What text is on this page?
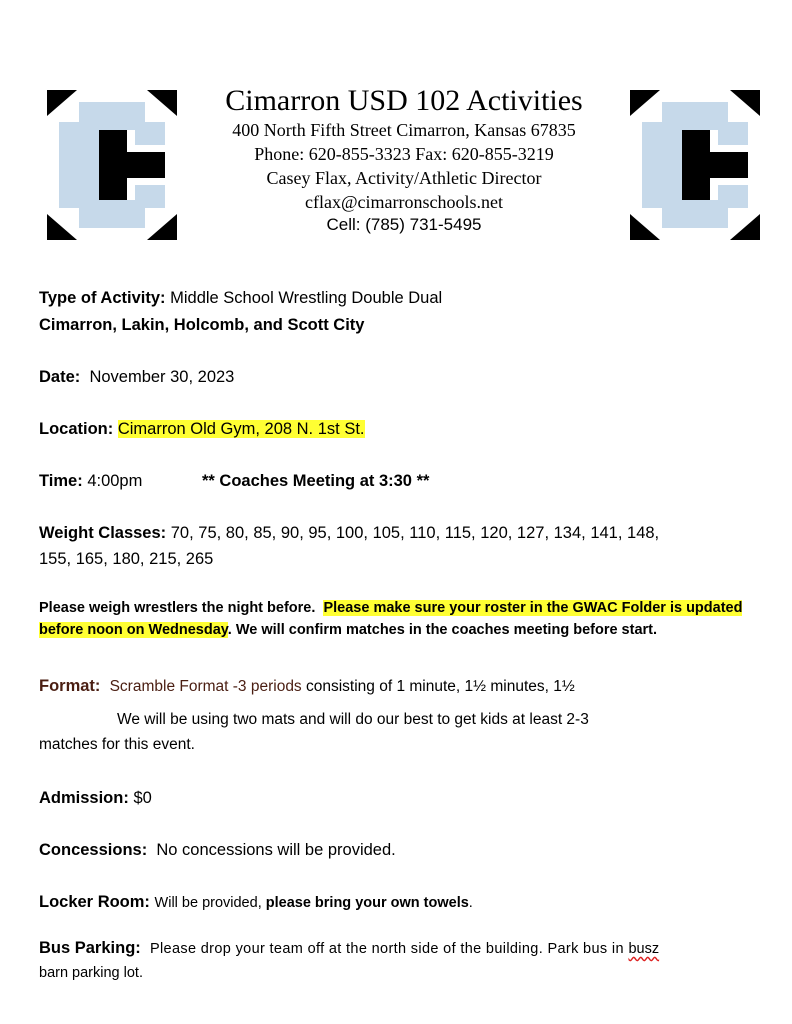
Cimarron USD 102 Activities
400 North Fifth Street Cimarron, Kansas 67835
Phone: 620-855-3323 Fax: 620-855-3219
Casey Flax, Activity/Athletic Director
cflax@cimarronschools.net
Cell: (785) 731-5495
Type of Activity: Middle School Wrestling Double Dual
Cimarron, Lakin, Holcomb, and Scott City
Date: November 30, 2023
Location: Cimarron Old Gym, 208 N. 1st St.
Time: 4:00pm	** Coaches Meeting at 3:30 **
Weight Classes: 70, 75, 80, 85, 90, 95, 100, 105, 110, 115, 120, 127, 134, 141, 148,
155, 165, 180, 215, 265
Please weigh wrestlers the night before. Please make sure your roster in the GWAC Folder is updated before noon on Wednesday. We will confirm matches in the coaches meeting before start.
Format: Scramble Format -3 periods consisting of 1 minute, 1½ minutes, 1½
We will be using two mats and will do our best to get kids at least 2-3
matches for this event.
Admission: $0
Concessions: No concessions will be provided.
Locker Room: Will be provided, please bring your own towels.
Bus Parking: Please drop your team off at the north side of the building. Park bus in busz
barn parking lot.
